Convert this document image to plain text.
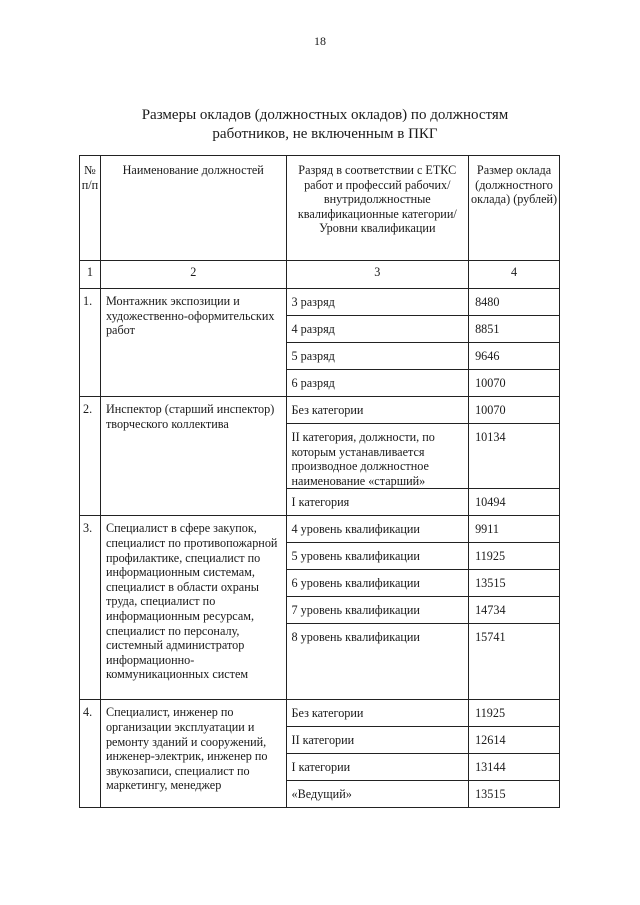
18
Размеры окладов (должностных окладов) по должностям
работников, не включенным в ПКГ
№ п/п	Наименование должностей	Разряд в соответствии с ЕТКС работ и профессий рабочих/внутридолжностные квалификационные категории/Уровни квалификации	Размер оклада (должностного оклада) (рублей)
1	2	3	4
1.	Монтажник экспозиции и художественно-оформительских работ	3 разряд	8480
		4 разряд	8851
		5 разряд	9646
		6 разряд	10070
2.	Инспектор (старший инспектор) творческого коллектива	Без категории	10070
		II категория, должности, по которым устанавливается производное должностное наименование «старший»	10134
		I категория	10494
3.	Специалист в сфере закупок, специалист по противопожарной профилактике, специалист по информационным системам, специалист в области охраны труда, специалист по информационным ресурсам, специалист по персоналу, системный администратор информационно-коммуникационных систем	4 уровень квалификации	9911
		5 уровень квалификации	11925
		6 уровень квалификации	13515
		7 уровень квалификации	14734
		8 уровень квалификации	15741
4.	Специалист, инженер по организации эксплуатации и ремонту зданий и сооружений, инженер-электрик, инженер по звукозаписи, специалист по маркетингу, менеджер	Без категории	11925
		II категории	12614
		I категории	13144
		«Ведущий»	13515
